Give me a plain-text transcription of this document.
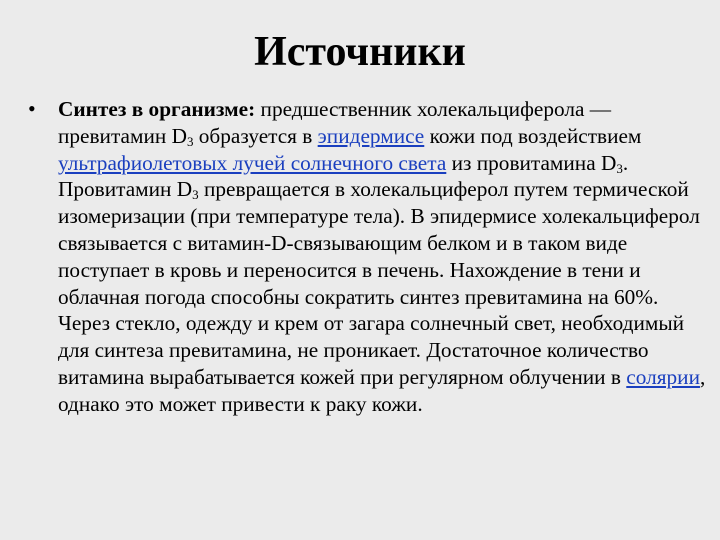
Источники
• Синтез в организме: предшественник холекальциферола — превитамин $D_3$ образуется в эпидермисе кожи под воздействием ультрафиолетовых лучей солнечного света из провитамина $D_3$. Провитамин $D_3$ превращается в холекальциферол путем термической изомеризации (при температуре тела). В эпидермисе холекальциферол связывается с витамин-D-связывающим белком и в таком виде поступает в кровь и переносится в печень. Нахождение в тени и облачная погода способны сократить синтез превитамина на 60%. Через стекло, одежду и крем от загара солнечный свет, необходимый для синтеза превитамина, не проникает. Достаточное количество витамина вырабатывается кожей при регулярном облучении в солярии, однако это может привести к раку кожи.
